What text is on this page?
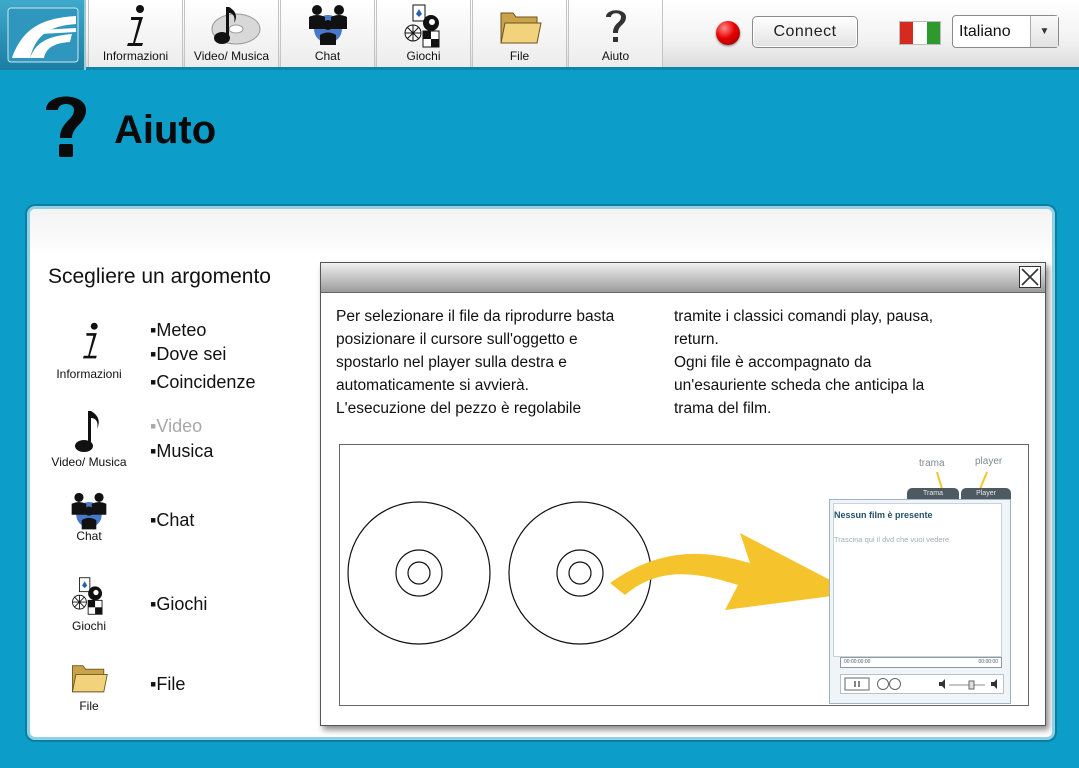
Informazioni	Video/ Musica	Chat	Giochi	File	Aiuto
Connect	Italiano	▼
Aiuto
Scegliere un argomento
Informazioni
▪Meteo
▪Dove sei
▪Coincidenze
Video/ Musica
▪Video
▪Musica
Chat
▪Chat
Giochi
▪Giochi
File
▪File
Per selezionare il file da riprodurre basta
posizionare il cursore sull'oggetto e
spostarlo nel player sulla destra e
automaticamente si avvierà.
L'esecuzione del pezzo è regolabile
tramite i classici comandi play, pausa,
return.
Ogni file è accompagnato da
un'esauriente scheda che anticipa la
trama del film.
trama	player
Trama	Player
Nessun film è presente
Trascina qui il dvd che vuoi vedere
00:00:00:00	00:00:00
